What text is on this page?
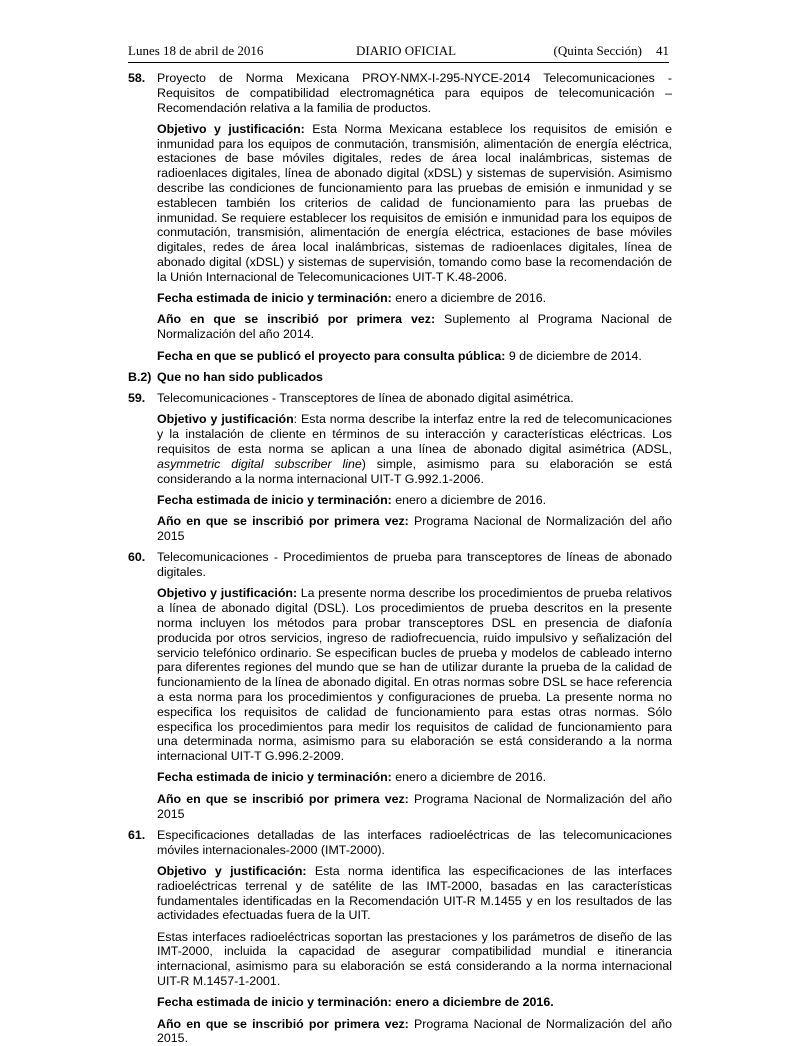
Lunes 18 de abril de 2016	DIARIO OFICIAL	(Quinta Sección) 41
58. Proyecto de Norma Mexicana PROY-NMX-I-295-NYCE-2014 Telecomunicaciones - Requisitos de compatibilidad electromagnética para equipos de telecomunicación – Recomendación relativa a la familia de productos.
Objetivo y justificación: Esta Norma Mexicana establece los requisitos de emisión e inmunidad para los equipos de conmutación, transmisión, alimentación de energía eléctrica, estaciones de base móviles digitales, redes de área local inalámbricas, sistemas de radioenlaces digitales, línea de abonado digital (xDSL) y sistemas de supervisión. Asimismo describe las condiciones de funcionamiento para las pruebas de emisión e inmunidad y se establecen también los criterios de calidad de funcionamiento para las pruebas de inmunidad. Se requiere establecer los requisitos de emisión e inmunidad para los equipos de conmutación, transmisión, alimentación de energía eléctrica, estaciones de base móviles digitales, redes de área local inalámbricas, sistemas de radioenlaces digitales, línea de abonado digital (xDSL) y sistemas de supervisión, tomando como base la recomendación de la Unión Internacional de Telecomunicaciones UIT-T K.48-2006.
Fecha estimada de inicio y terminación: enero a diciembre de 2016.
Año en que se inscribió por primera vez: Suplemento al Programa Nacional de Normalización del año 2014.
Fecha en que se publicó el proyecto para consulta pública: 9 de diciembre de 2014.
B.2) Que no han sido publicados
59. Telecomunicaciones - Transceptores de línea de abonado digital asimétrica.
Objetivo y justificación: Esta norma describe la interfaz entre la red de telecomunicaciones y la instalación de cliente en términos de su interacción y características eléctricas. Los requisitos de esta norma se aplican a una línea de abonado digital asimétrica (ADSL, asymmetric digital subscriber line) simple, asimismo para su elaboración se está considerando a la norma internacional UIT-T G.992.1-2006.
Fecha estimada de inicio y terminación: enero a diciembre de 2016.
Año en que se inscribió por primera vez: Programa Nacional de Normalización del año 2015
60. Telecomunicaciones - Procedimientos de prueba para transceptores de líneas de abonado digitales.
Objetivo y justificación: La presente norma describe los procedimientos de prueba relativos a línea de abonado digital (DSL). Los procedimientos de prueba descritos en la presente norma incluyen los métodos para probar transceptores DSL en presencia de diafonía producida por otros servicios, ingreso de radiofrecuencia, ruido impulsivo y señalización del servicio telefónico ordinario. Se especifican bucles de prueba y modelos de cableado interno para diferentes regiones del mundo que se han de utilizar durante la prueba de la calidad de funcionamiento de la línea de abonado digital. En otras normas sobre DSL se hace referencia a esta norma para los procedimientos y configuraciones de prueba. La presente norma no especifica los requisitos de calidad de funcionamiento para estas otras normas. Sólo especifica los procedimientos para medir los requisitos de calidad de funcionamiento para una determinada norma, asimismo para su elaboración se está considerando a la norma internacional UIT-T G.996.2-2009.
Fecha estimada de inicio y terminación: enero a diciembre de 2016.
Año en que se inscribió por primera vez: Programa Nacional de Normalización del año 2015
61. Especificaciones detalladas de las interfaces radioeléctricas de las telecomunicaciones móviles internacionales-2000 (IMT-2000).
Objetivo y justificación: Esta norma identifica las especificaciones de las interfaces radioeléctricas terrenal y de satélite de las IMT-2000, basadas en las características fundamentales identificadas en la Recomendación UIT-R M.1455 y en los resultados de las actividades efectuadas fuera de la UIT.
Estas interfaces radioeléctricas soportan las prestaciones y los parámetros de diseño de las IMT-2000, incluida la capacidad de asegurar compatibilidad mundial e itinerancia internacional, asimismo para su elaboración se está considerando a la norma internacional UIT-R M.1457-1-2001.
Fecha estimada de inicio y terminación: enero a diciembre de 2016.
Año en que se inscribió por primera vez: Programa Nacional de Normalización del año 2015.
